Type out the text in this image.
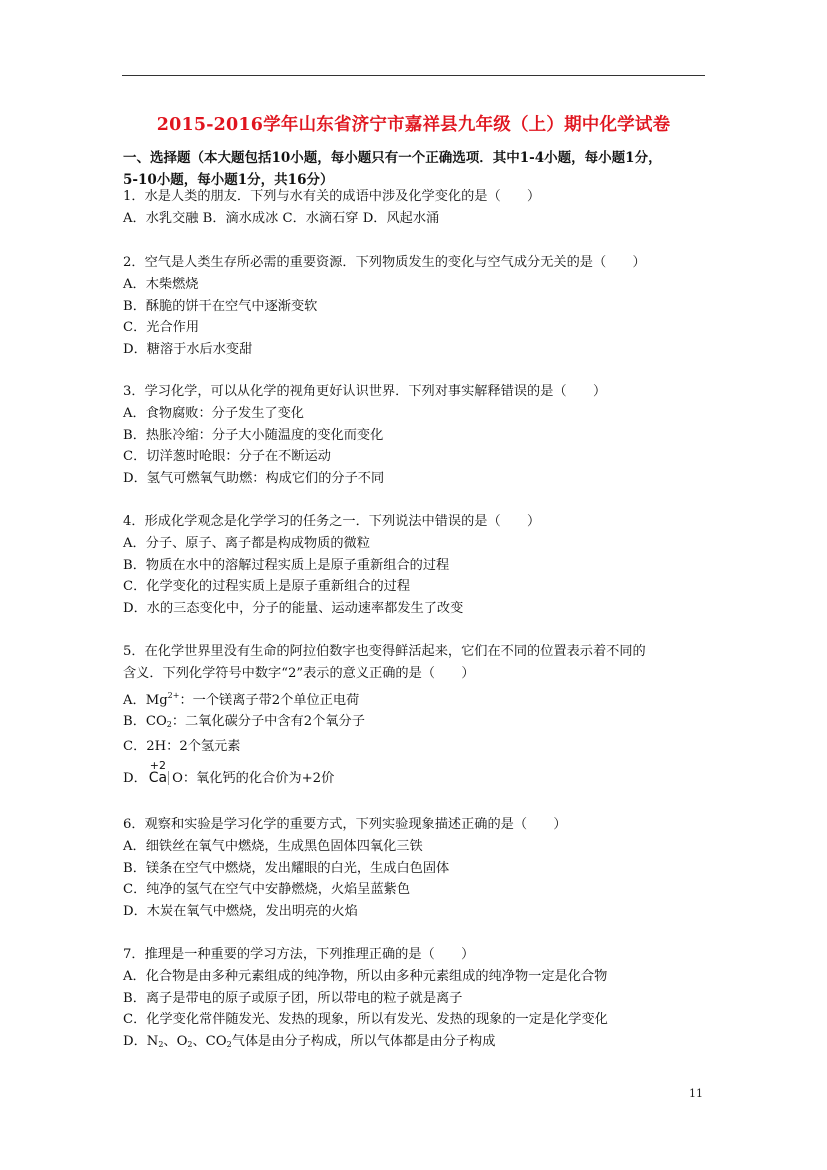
2015-2016学年山东省济宁市嘉祥县九年级（上）期中化学试卷
一、选择题（本大题包括10小题，每小题只有一个正确选项．其中1-4小题，每小题1分，
5-10小题，每小题1分，共16分）
1．水是人类的朋友．下列与水有关的成语中涉及化学变化的是（　　）
A．水乳交融 B．滴水成冰 C．水滴石穿 D．风起水涌
2．空气是人类生存所必需的重要资源．下列物质发生的变化与空气成分无关的是（　　）
A．木柴燃烧
B．酥脆的饼干在空气中逐渐变软
C．光合作用
D．糖溶于水后水变甜
3．学习化学，可以从化学的视角更好认识世界．下列对事实解释错误的是（　　）
A．食物腐败：分子发生了变化
B．热胀冷缩：分子大小随温度的变化而变化
C．切洋葱时呛眼：分子在不断运动
D．氢气可燃氧气助燃：构成它们的分子不同
4．形成化学观念是化学学习的任务之一．下列说法中错误的是（　　）
A．分子、原子、离子都是构成物质的微粒
B．物质在水中的溶解过程实质上是原子重新组合的过程
C．化学变化的过程实质上是原子重新组合的过程
D．水的三态变化中，分子的能量、运动速率都发生了改变
5．在化学世界里没有生命的阿拉伯数字也变得鲜活起来，它们在不同的位置表示着不同的
含义．下列化学符号中数字“2”表示的意义正确的是（　　）
A．$Mg^{2+}$：一个镁离子带2个单位正电荷
B．$CO_2$：二氧化碳分子中含有2个氧分子
C．2H：2个氢元素
D．
+2
Ca O：氧化钙的化合价为+2价
6．观察和实验是学习化学的重要方式，下列实验现象描述正确的是（　　）
A．细铁丝在氧气中燃烧，生成黑色固体四氧化三铁
B．镁条在空气中燃烧，发出耀眼的白光，生成白色固体
C．纯净的氢气在空气中安静燃烧，火焰呈蓝紫色
D．木炭在氧气中燃烧，发出明亮的火焰
7．推理是一种重要的学习方法，下列推理正确的是（　　）
A．化合物是由多种元素组成的纯净物，所以由多种元素组成的纯净物一定是化合物
B．离子是带电的原子或原子团，所以带电的粒子就是离子
C．化学变化常伴随发光、发热的现象，所以有发光、发热的现象的一定是化学变化
D．$N_2$、$O_2$、$CO_2$气体是由分子构成，所以气体都是由分子构成
11
